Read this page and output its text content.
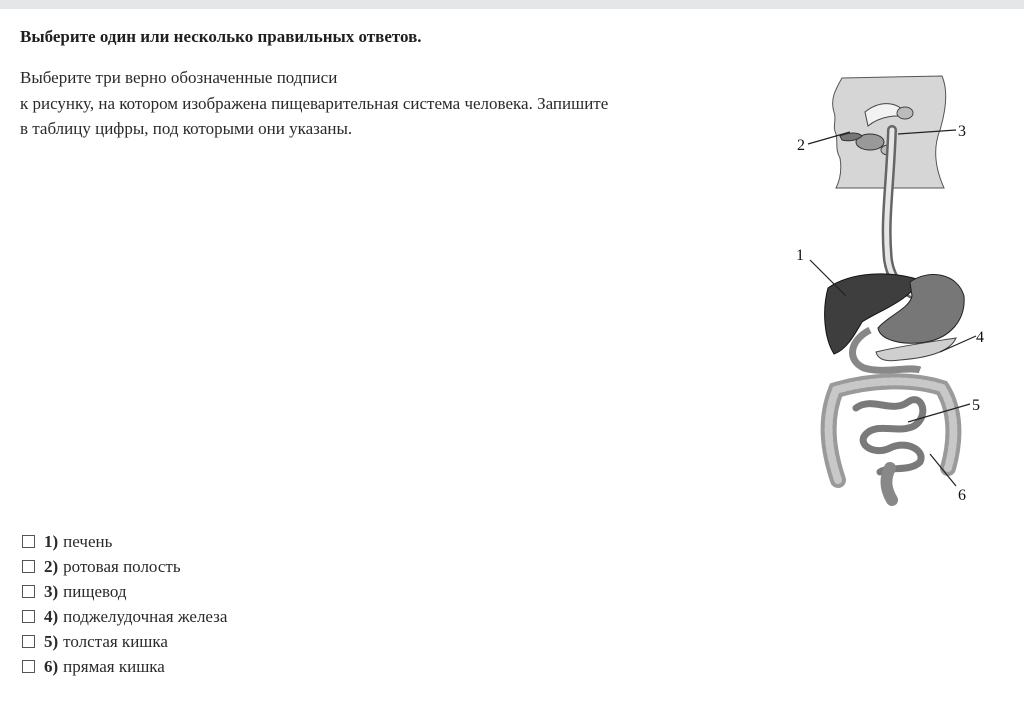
Выберите один или несколько правильных ответов.
Выберите три верно обозначенные подписи
к рисунку, на котором изображена пищеварительная система человека. Запишите
в таблицу цифры, под которыми они указаны.
2
3
1
4
5
6
1) печень
2) ротовая полость
3) пищевод
4) поджелудочная железа
5) толстая кишка
6) прямая кишка
